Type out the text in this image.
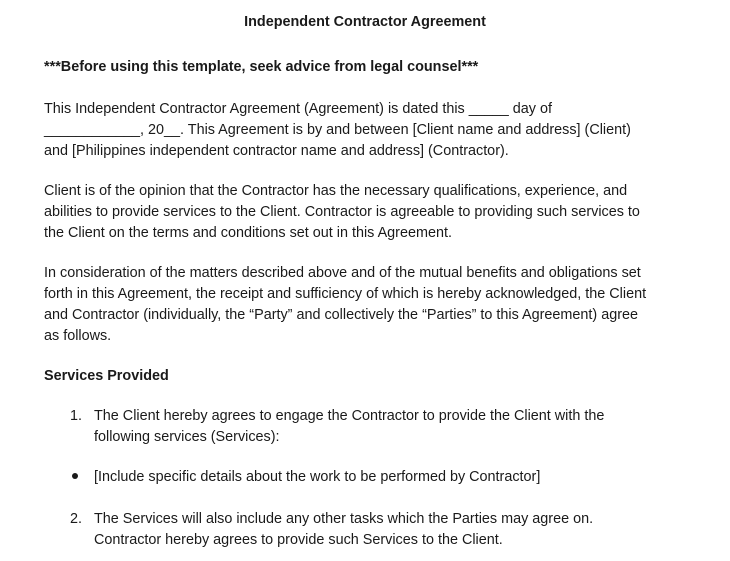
Independent Contractor Agreement
***Before using this template, seek advice from legal counsel***
This Independent Contractor Agreement (Agreement) is dated this _____ day of
____________, 20__. This Agreement is by and between [Client name and address] (Client)
and [Philippines independent contractor name and address] (Contractor).
Client is of the opinion that the Contractor has the necessary qualifications, experience, and
abilities to provide services to the Client. Contractor is agreeable to providing such services to
the Client on the terms and conditions set out in this Agreement.
In consideration of the matters described above and of the mutual benefits and obligations set
forth in this Agreement, the receipt and sufficiency of which is hereby acknowledged, the Client
and Contractor (individually, the “Party” and collectively the “Parties” to this Agreement) agree
as follows.
Services Provided
1. The Client hereby agrees to engage the Contractor to provide the Client with the
following services (Services):
[Include specific details about the work to be performed by Contractor]
2. The Services will also include any other tasks which the Parties may agree on.
Contractor hereby agrees to provide such Services to the Client.
